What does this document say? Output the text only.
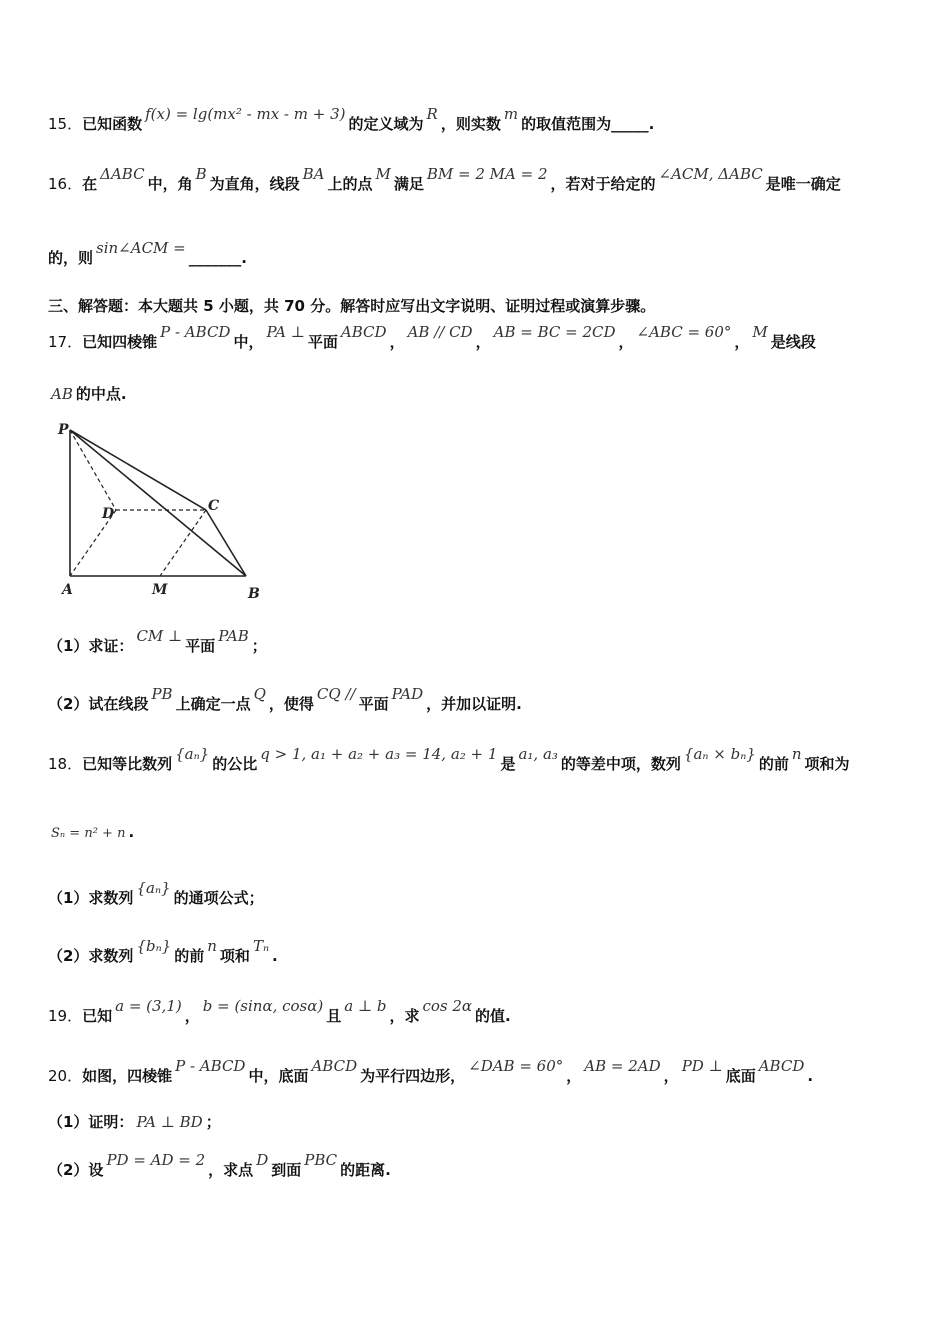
15．已知函数f(x) = lg(mx² - mx - m + 3)的定义域为R，则实数m的取值范围为_____.
16．在ΔABC中，角B为直角，线段BA上的点M满足BM = 2 MA = 2，若对于给定的∠ACM, ΔABC是唯一确定
的，则sin∠ACM =_______.
三、解答题：本大题共 5 小题，共 70 分。解答时应写出文字说明、证明过程或演算步骤。
17．已知四棱锥P - ABCD中，PA ⊥平面ABCD，AB // CD，AB = BC = 2CD，∠ABC = 60°，M是线段
AB 的中点.
P
D	C
A	M	B
（1）求证：CM ⊥平面PAB；
（2）试在线段PB上确定一点Q，使得CQ //平面PAD，并加以证明.
18．已知等比数列{aₙ}的公比q > 1, a₁ + a₂ + a₃ = 14, a₂ + 1是a₁, a₃的等差中项，数列{aₙ × bₙ}的前n项和为
Sₙ = n² + n .
（1）求数列{aₙ}的通项公式；
（2）求数列{bₙ}的前n项和Tₙ.
19．已知a = (3,1)，b = (sinα, cosα)且a ⊥ b，求cos 2α的值.
20．如图，四棱锥P - ABCD中，底面ABCD为平行四边形，∠DAB = 60°，AB = 2AD，PD ⊥底面ABCD.
（1）证明： PA ⊥ BD ；
（2）设PD = AD = 2，求点D到面PBC的距离.
